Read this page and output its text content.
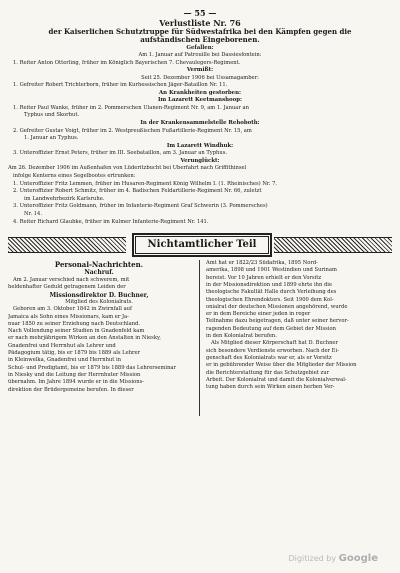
— 55 —
Verlustliste Nr. 76
der Kaiserlichen Schutztruppe für Südwestafrika bei den Kämpfen gegen die
aufständischen Eingeborenen.
Gefallen:
Am 1. Januar auf Patrouille bei Dassiesfontein:
1. Reiter Anton Otterling, früher im Königlich Bayerischen 7. Chevaulegers-Regiment.
Vermißt:
Seit 25. Dezember 1906 bei Ussamagamber:
1. Gefreiter Robert Trichterborn, früher im Kurhessischen Jäger-Bataillon Nr. 11.
An Krankheiten gestorben:
Im Lazarett Keetmanshoop:
1. Reiter Paul Wanke, früher im 2. Pommerschen Ulanen-Regiment Nr. 9, am 1. Januar an
Typhus und Skorbut.
In der Krankensammelstelle Rehoboth:
2. Gefreiter Gustav Voigt, früher im 2. Westpreußischen Fußartillerie-Regiment Nr. 15, am
1. Januar an Typhus.
Im Lazarett Windhuk:
3. Unteroffizier Ernst Peters, früher im III. Seebataillon, am 3. Januar an Typhus.
Verunglückt:
Am 26. Dezember 1906 im Außenhafen von Lüderitzbucht bei Überfahrt nach Griffithinsel
infolge Kenterns eines Segelbootes ertrunken:
1. Unteroffizier Fritz Lemmen, früher im Husaren-Regiment König Wilhelm I. (1. Rheinisches) Nr. 7.
2. Unteroffizier Robert Schmitz, früher im 4. Badischen Feldartillerie-Regiment Nr. 66, zuletzt
im Landwehrbezirk Karlsruhe.
3. Unteroffizier Fritz Goldmann, früher im Infanterie-Regiment Graf Schwerin (3. Pommersches)
Nr. 14.
4. Reiter Richard Glaubke, früher im Kulmer Infanterie-Regiment Nr. 141.
Nichtamtlicher Teil
Personal-Nachrichten.
Nachruf.
Am 2. Januar verschied nach schwerem, mit
heldenhafter Geduld getragenem Leiden der
Missionsdirektor D. Buchner,
Mitglied des Kolonialrats.
Geboren am 3. Oktober 1842 in Zwirnfall auf
Jamaica als Sohn eines Missionars, kam er Ja-
nuar 1850 zu seiner Erziehung nach Deutschland.
Nach Vollendung seiner Studien in Gnadenfeld kam
er nach mehrjährigem Wirken an den Anstalten in Niesky,
Gnadenfrei und Herrnhut als Lehrer und
Pädagogium tätig, bis er 1879 bis 1889 als Lehrer
in Kleinwelka, Gnadenfrei und Herrnhut in
Schul- und Predigtamt, bis er 1879 bis 1889 das Lehrerseminar
in Niesky und die Leitung der Herrnhuter Mission
übernahm. Im Jahre 1894 wurde er in die Missions-
direktion der Brüdergemeine berufen. In dieser
Amt hat er 1822/23 Südafrika, 1895 Nord-
amerika, 1898 und 1901 Westindien und Surinam
bereist. Vor 10 Jahren erhielt er den Vorsitz
in der Missionsdirektion und 1899 ehrte ihn die
theologische Fakultät Halle durch Verleihung des
theologischen Ehrendoktors. Seit 1900 dem Kol-
onialrat der deutschen Missionen angehörend, wurde
er in dem Bereiche einer jeden in reger
Teilnahme dazu beigetragen, daß unter seiner hervor-
ragenden Bedeutung auf dem Gebiet der Mission
in den Kolonialrat berufen.
Als Mitglied dieser Körperschaft hat D. Buchner
sich besondere Verdienste erworben. Nach der Ei-
genschaft des Kolonialrats war er, als er Vorsitz
er in gebührender Weise über die Mitglieder der Mission
die Berichterstattung für das Schutzgebiet zur
Arbeit. Der Kolonialrat und damit die Kolonialverwal-
tung haben durch sein Wirken einen herben Ver-
Digitized by Google
